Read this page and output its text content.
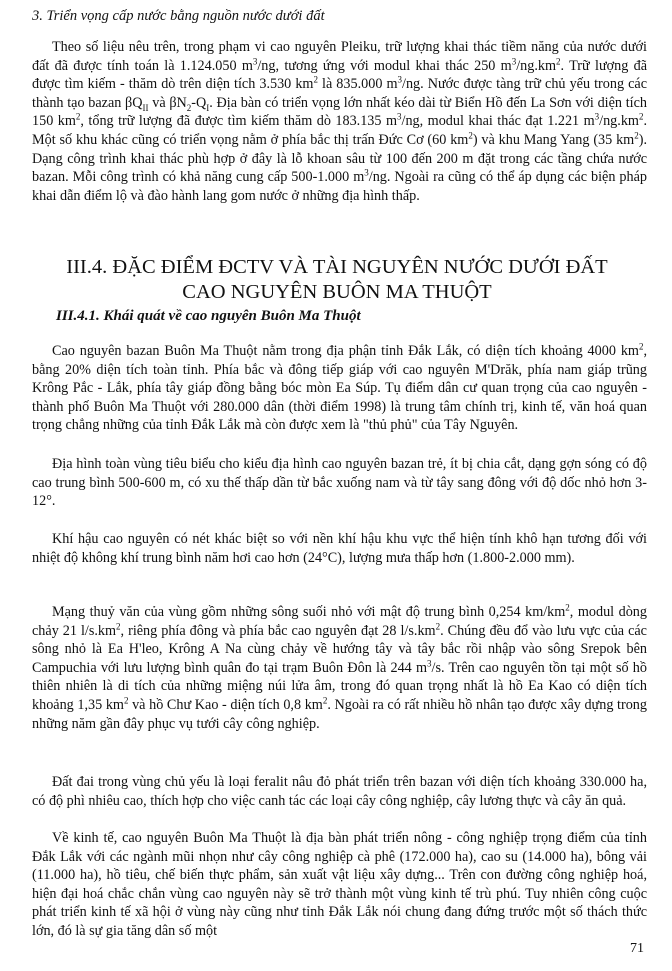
3. Triển vọng cấp nước bằng nguồn nước dưới đất

Theo số liệu nêu trên, trong phạm vi cao nguyên Pleiku, trữ lượng khai thác tiềm năng của nước dưới đất đã được tính toán là 1.124.050 $m^3/ng$, tương ứng với modul khai thác 250 $m^3/ng.km^2$. Trữ lượng đã được tìm kiếm - thăm dò trên diện tích 3.530 $km^2$ là 835.000 $m^3/ng$. Nước được tàng trữ chủ yếu trong các thành tạo bazan $\beta Q_{II}$ và $\beta N_2-Q_I$. Địa bàn có triển vọng lớn nhất kéo dài từ Biển Hồ đến La Sơn với diện tích 150 $km^2$, tổng trữ lượng đã được tìm kiếm thăm dò 183.135 $m^3/ng$, modul khai thác đạt 1.221 $m^3/ng.km^2$. Một số khu khác cũng có triển vọng nằm ở phía bắc thị trấn Đức Cơ (60 $km^2$) và khu Mang Yang (35 $km^2$). Dạng công trình khai thác phù hợp ở đây là lỗ khoan sâu từ 100 đến 200 m đặt trong các tầng chứa nước bazan. Mỗi công trình có khả năng cung cấp 500-1.000 $m^3/ng$. Ngoài ra cũng có thể áp dụng các biện pháp khai dẫn điểm lộ và đào hành lang gom nước ở những địa hình thấp.

III.4. ĐẶC ĐIỂM ĐCTV VÀ TÀI NGUYÊN NƯỚC DƯỚI ĐẤT
CAO NGUYÊN BUÔN MA THUỘT

III.4.1. Khái quát về cao nguyên Buôn Ma Thuột

Cao nguyên bazan Buôn Ma Thuột nằm trong địa phận tỉnh Đắk Lắk, có diện tích khoảng 4000 $km^2$, bằng 20% diện tích toàn tỉnh. Phía bắc và đông tiếp giáp với cao nguyên M'Drăk, phía nam giáp trũng Krông Pắc - Lắk, phía tây giáp đồng bằng bóc mòn Ea Súp. Tụ điểm dân cư quan trọng của cao nguyên - thành phố Buôn Ma Thuột với 280.000 dân (thời điểm 1998) là trung tâm chính trị, kinh tế, văn hoá quan trọng chẳng những của tỉnh Đắk Lắk mà còn được xem là "thủ phủ" của Tây Nguyên.

Địa hình toàn vùng tiêu biểu cho kiểu địa hình cao nguyên bazan trẻ, ít bị chia cắt, dạng gợn sóng có độ cao trung bình 500-600 m, có xu thế thấp dần từ bắc xuống nam và từ tây sang đông với độ dốc nhỏ hơn 3-12°.

Khí hậu cao nguyên có nét khác biệt so với nền khí hậu khu vực thể hiện tính khô hạn tương đối với nhiệt độ không khí trung bình năm hơi cao hơn (24°C), lượng mưa thấp hơn (1.800-2.000 mm).

Mạng thuỷ văn của vùng gồm những sông suối nhỏ với mật độ trung bình 0,254 $km/km^2$, modul dòng chảy 21 $l/s.km^2$, riêng phía đông và phía bắc cao nguyên đạt 28 $l/s.km^2$. Chúng đều đổ vào lưu vực của các sông nhỏ là Ea H'leo, Krông A Na cùng chảy về hướng tây và tây bắc rồi nhập vào sông Srepok bên Campuchia với lưu lượng bình quân đo tại trạm Buôn Đôn là 244 $m^3/s$. Trên cao nguyên tồn tại một số hồ thiên nhiên là di tích của những miệng núi lửa âm, trong đó quan trọng nhất là hồ Ea Kao có diện tích khoảng 1,35 $km^2$ và hồ Chư Kao - diện tích 0,8 $km^2$. Ngoài ra có rất nhiều hồ nhân tạo được xây dựng trong những năm gần đây phục vụ tưới cây công nghiệp.

Đất đai trong vùng chủ yếu là loại feralit nâu đỏ phát triển trên bazan với diện tích khoảng 330.000 ha, có độ phì nhiêu cao, thích hợp cho việc canh tác các loại cây công nghiệp, cây lương thực và cây ăn quả.

Về kinh tế, cao nguyên Buôn Ma Thuột là địa bàn phát triển nông - công nghiệp trọng điểm của tỉnh Đắk Lắk với các ngành mũi nhọn như cây công nghiệp cà phê (172.000 ha), cao su (14.000 ha), bông vải (11.000 ha), hồ tiêu, chế biến thực phẩm, sản xuất vật liệu xây dựng... Trên con đường công nghiệp hoá, hiện đại hoá chắc chắn vùng cao nguyên này sẽ trở thành một vùng kinh tế trù phú. Tuy nhiên công cuộc phát triển kinh tế xã hội ở vùng này cũng như tỉnh Đắk Lắk nói chung đang đứng trước một số thách thức lớn, đó là sự gia tăng dân số một

71
